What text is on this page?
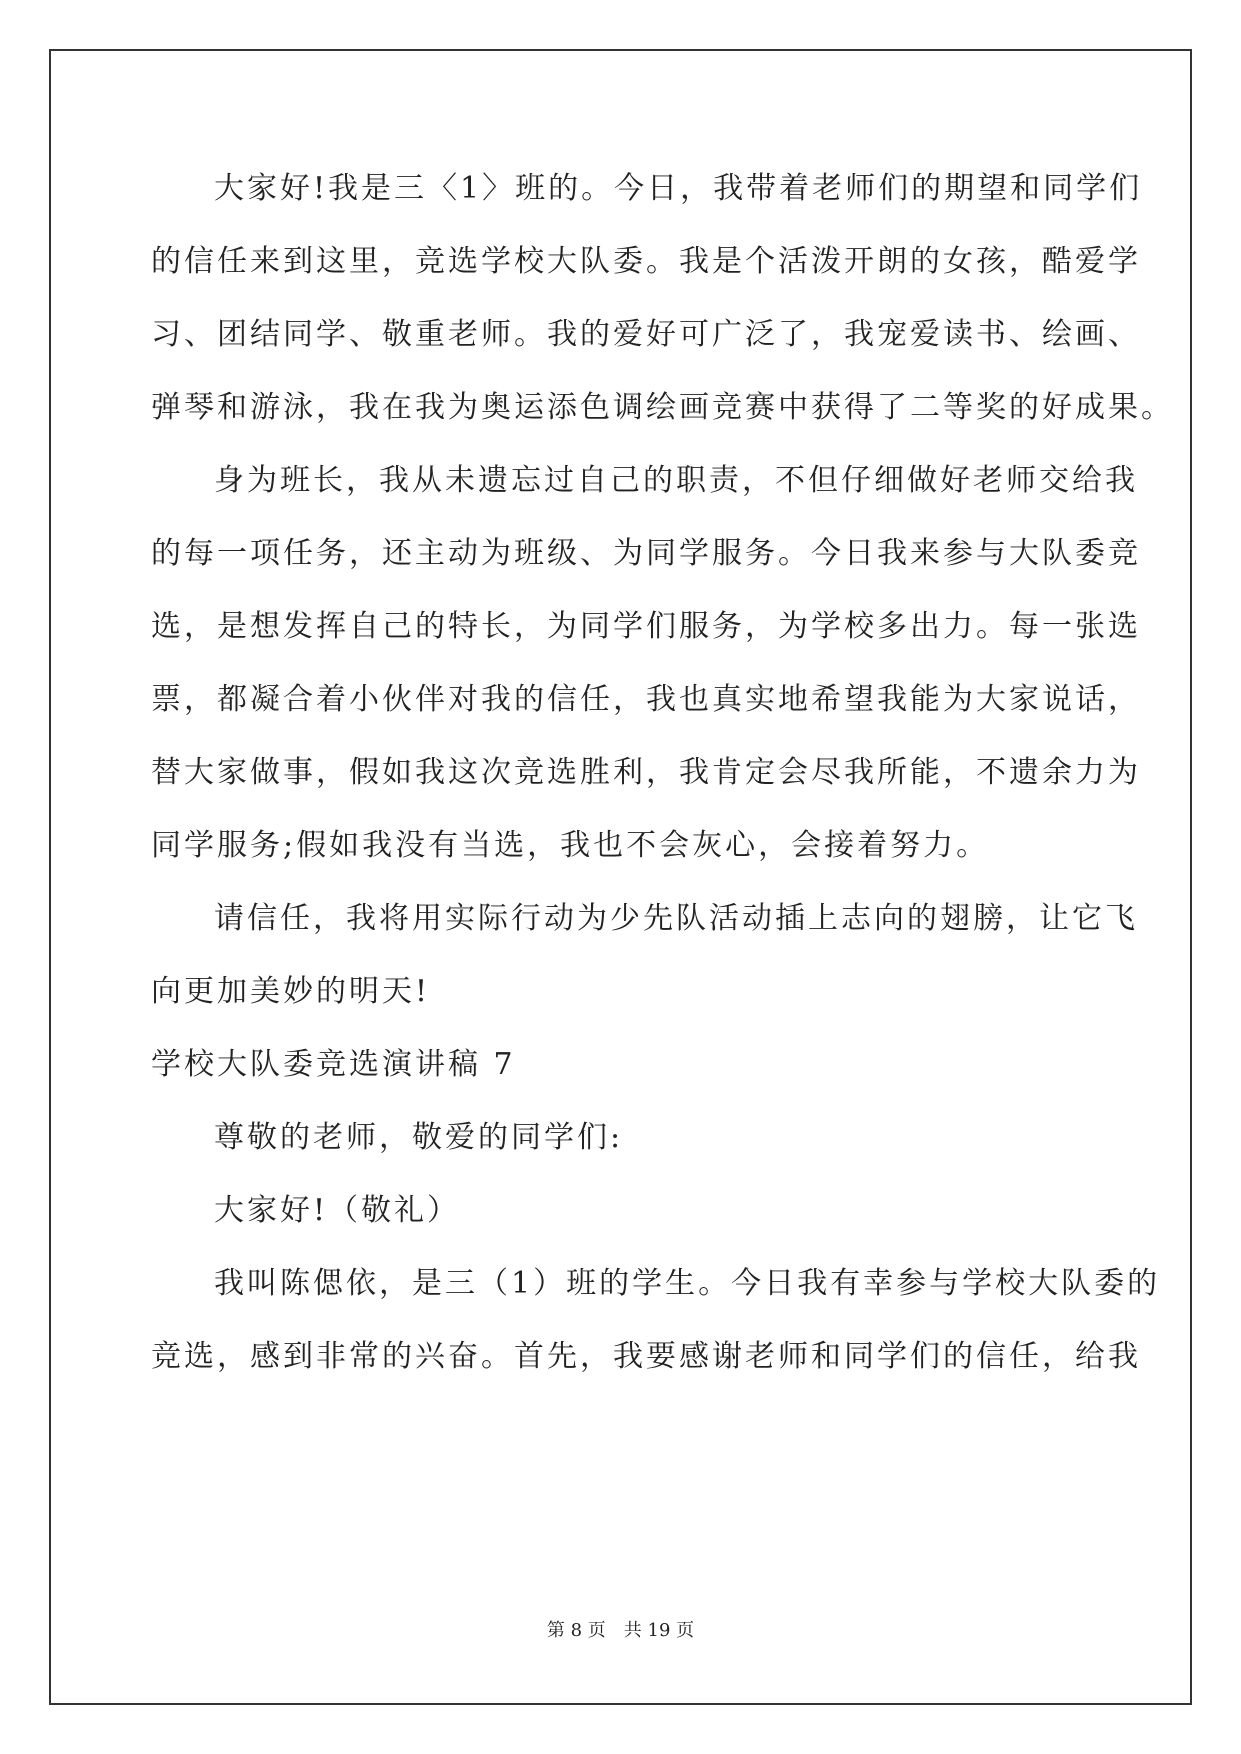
大家好!我是三〈1〉班的。今日，我带着老师们的期望和同学们
的信任来到这里，竞选学校大队委。我是个活泼开朗的女孩，酷爱学
习、团结同学、敬重老师。我的爱好可广泛了，我宠爱读书、绘画、
弹琴和游泳，我在我为奥运添色调绘画竞赛中获得了二等奖的好成果。
身为班长，我从未遗忘过自己的职责，不但仔细做好老师交给我
的每一项任务，还主动为班级、为同学服务。今日我来参与大队委竞
选，是想发挥自己的特长，为同学们服务，为学校多出力。每一张选
票，都凝合着小伙伴对我的信任，我也真实地希望我能为大家说话，
替大家做事，假如我这次竞选胜利，我肯定会尽我所能，不遗余力为
同学服务;假如我没有当选，我也不会灰心，会接着努力。
请信任，我将用实际行动为少先队活动插上志向的翅膀，让它飞
向更加美妙的明天!
学校大队委竞选演讲稿 7
尊敬的老师，敬爱的同学们:
大家好!（敬礼）
我叫陈偲依，是三（1）班的学生。今日我有幸参与学校大队委的
竞选，感到非常的兴奋。首先，我要感谢老师和同学们的信任，给我
第 8 页　共 19 页
